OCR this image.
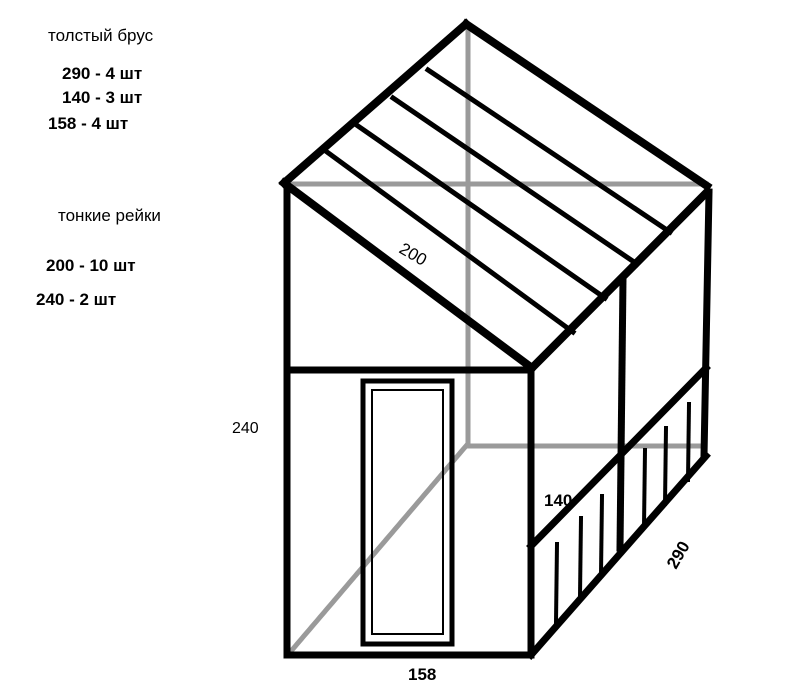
толстый брус
290 - 4 шт
140 - 3 шт
158 - 4 шт
тонкие рейки
200 - 10 шт
240 - 2 шт
240
200
140
290
158
